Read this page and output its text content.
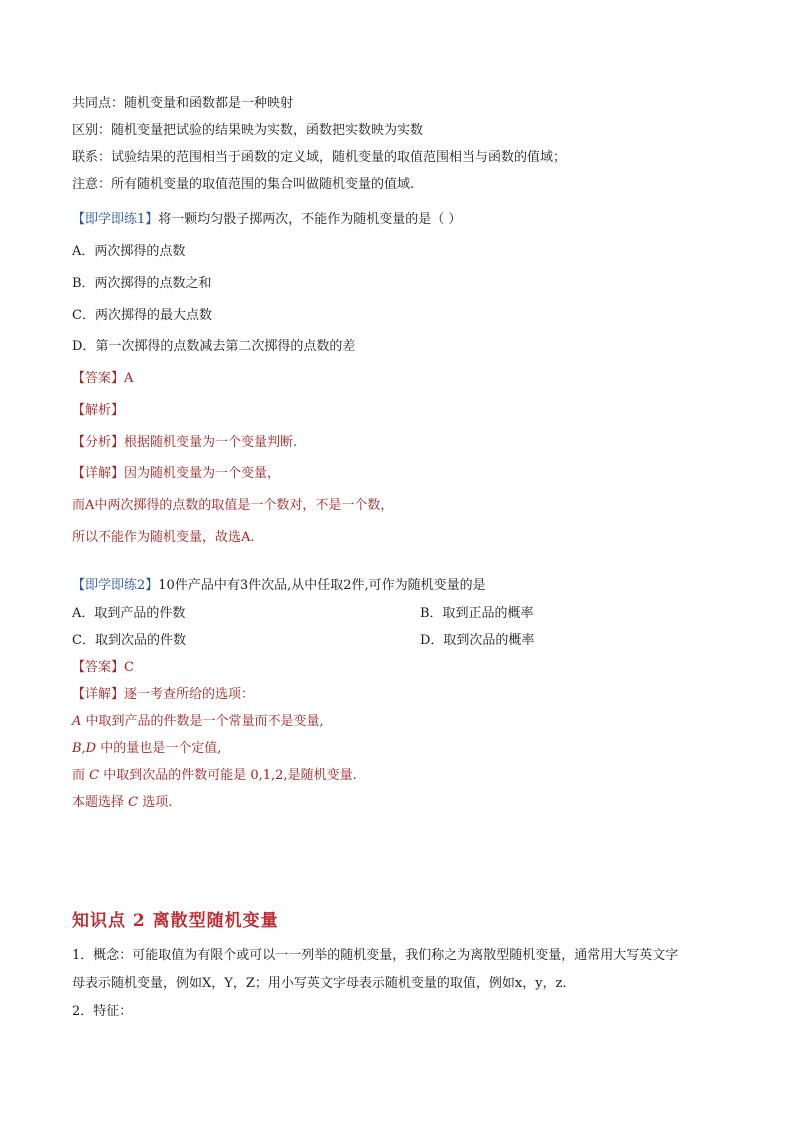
共同点：随机变量和函数都是一种映射
区别：随机变量把试验的结果映为实数，函数把实数映为实数
联系：试验结果的范围相当于函数的定义域，随机变量的取值范围相当与函数的值域；
注意：所有随机变量的取值范围的集合叫做随机变量的值域.
【即学即练1】将一颗均匀骰子掷两次，不能作为随机变量的是（ ）
A．两次掷得的点数
B．两次掷得的点数之和
C．两次掷得的最大点数
D．第一次掷得的点数减去第二次掷得的点数的差
【答案】A
【解析】
【分析】根据随机变量为一个变量判断.
【详解】因为随机变量为一个变量，
而A中两次掷得的点数的取值是一个数对，不是一个数，
所以不能作为随机变量，故选A.
【即学即练2】10件产品中有3件次品,从中任取2件,可作为随机变量的是
A．取到产品的件数	B．取到正品的概率
C．取到次品的件数	D．取到次品的概率
【答案】C
【详解】逐一考查所给的选项：
A 中取到产品的件数是一个常量而不是变量,
B,D 中的量也是一个定值,
而 C 中取到次品的件数可能是 0,1,2,是随机变量.
本题选择 C 选项.
知识点 2 离散型随机变量
1．概念：可能取值为有限个或可以一一列举的随机变量，我们称之为离散型随机变量，通常用大写英文字
母表示随机变量，例如X，Y，Z；用小写英文字母表示随机变量的取值，例如x，y，z.
2．特征：
